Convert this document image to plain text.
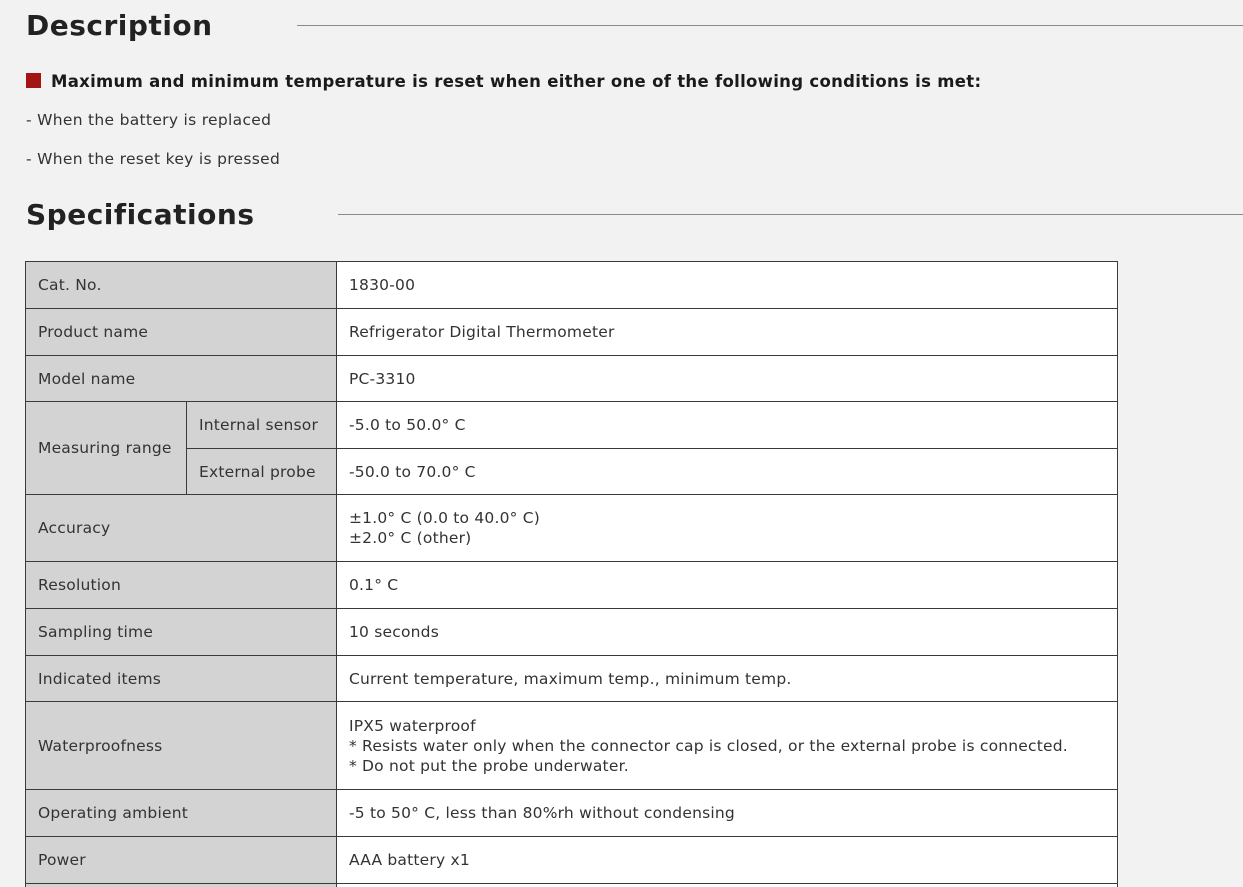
Description
Maximum and minimum temperature is reset when either one of the following conditions is met:
- When the battery is replaced
- When the reset key is pressed
Specifications
Cat. No.		1830-00
Product name		Refrigerator Digital Thermometer
Model name		PC-3310
Measuring range	Internal sensor	-5.0 to 50.0° C
	External probe	-50.0 to 70.0° C
Accuracy		±1.0° C (0.0 to 40.0° C)
±2.0° C (other)

Resolution		0.1° C
Sampling time		10 seconds
Indicated items		Current temperature, maximum temp., minimum temp.
Waterproofness		IPX5 waterproof
* Resists water only when the connector cap is closed, or the external probe is connected.
* Do not put the probe underwater.

Operating ambient		-5 to 50° C, less than 80%rh without condensing
Power		AAA battery x1
